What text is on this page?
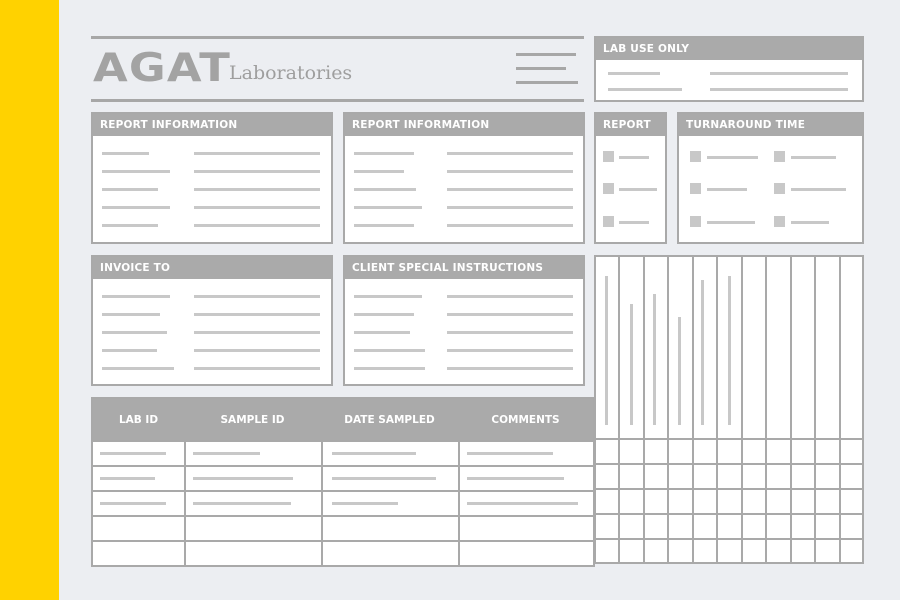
AGAT
Laboratories
LAB USE ONLY
REPORT INFORMATION	REPORT INFORMATION	REPORT	TURNAROUND TIME
INVOICE TO	CLIENT SPECIAL INSTRUCTIONS
LAB ID	SAMPLE ID	DATE SAMPLED	COMMENTS
